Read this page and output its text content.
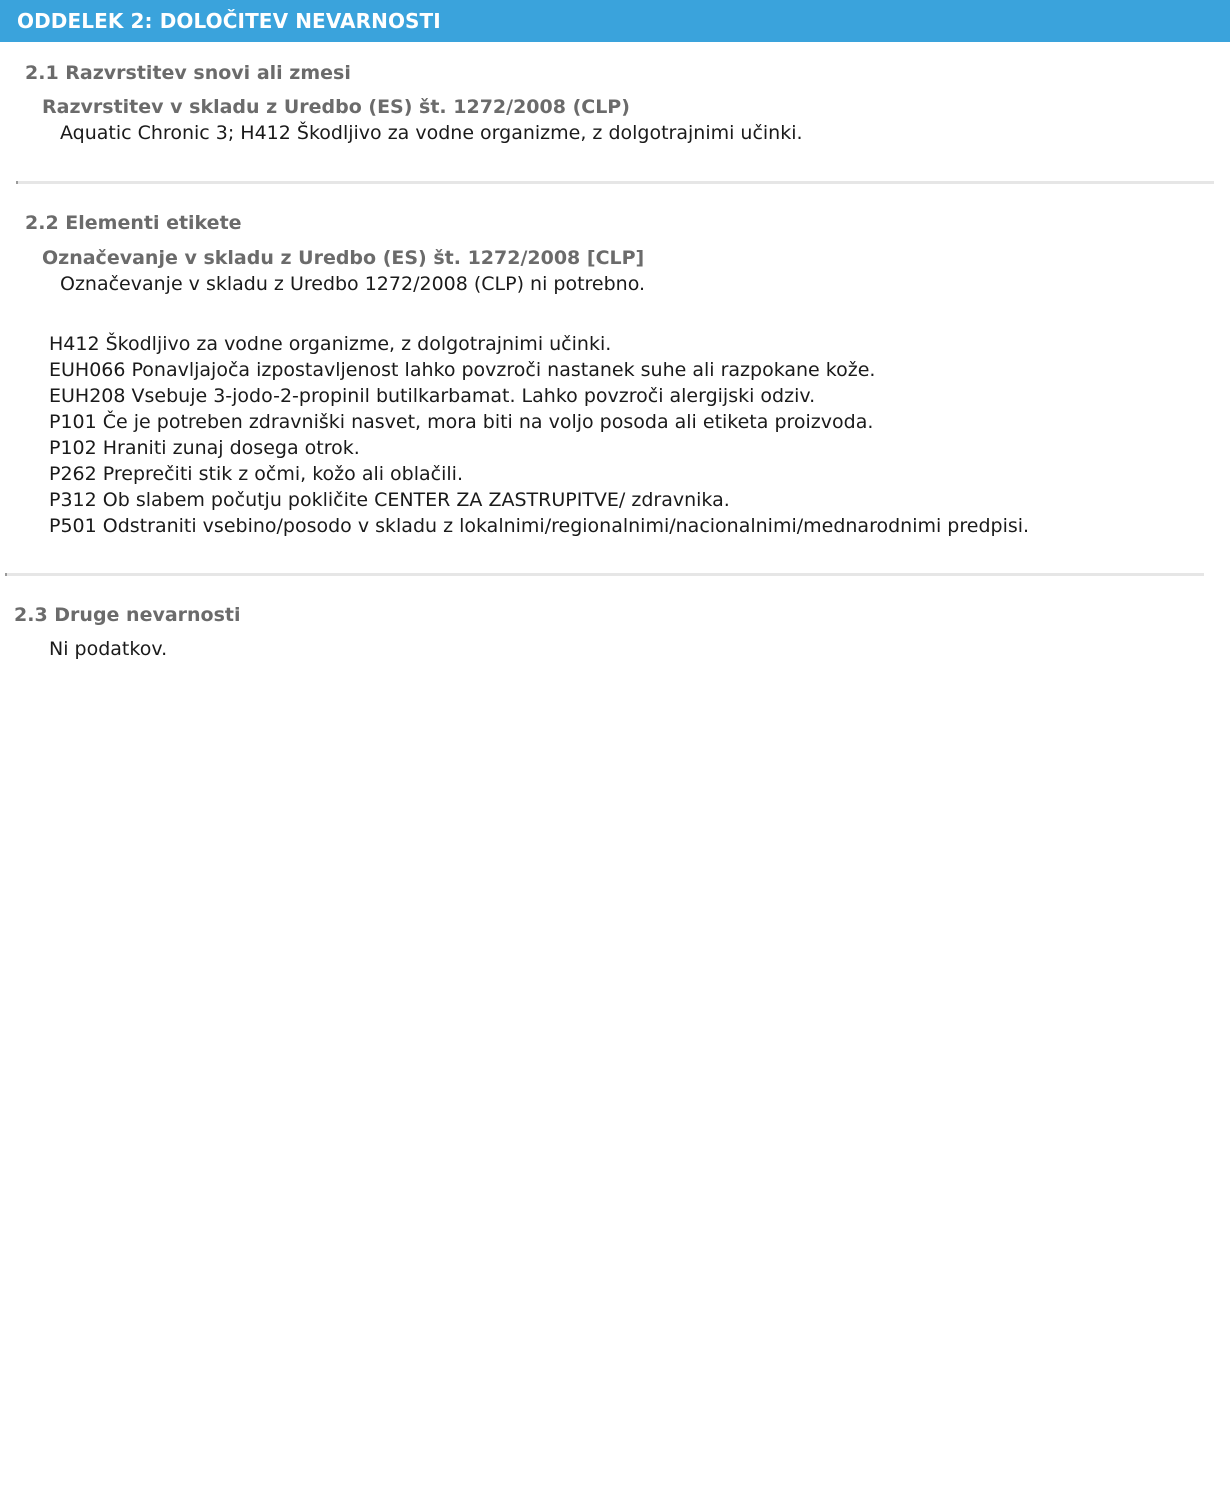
ODDELEK 2: DOLOČITEV NEVARNOSTI
2.1 Razvrstitev snovi ali zmesi
Razvrstitev v skladu z Uredbo (ES) št. 1272/2008 (CLP)
Aquatic Chronic 3; H412 Škodljivo za vodne organizme, z dolgotrajnimi učinki.
2.2 Elementi etikete
Označevanje v skladu z Uredbo (ES) št. 1272/2008 [CLP]
Označevanje v skladu z Uredbo 1272/2008 (CLP) ni potrebno.
H412 Škodljivo za vodne organizme, z dolgotrajnimi učinki.
EUH066 Ponavljajoča izpostavljenost lahko povzroči nastanek suhe ali razpokane kože.
EUH208 Vsebuje 3-jodo-2-propinil butilkarbamat. Lahko povzroči alergijski odziv.
P101 Če je potreben zdravniški nasvet, mora biti na voljo posoda ali etiketa proizvoda.
P102 Hraniti zunaj dosega otrok.
P262 Preprečiti stik z očmi, kožo ali oblačili.
P312 Ob slabem počutju pokličite CENTER ZA ZASTRUPITVE/ zdravnika.
P501 Odstraniti vsebino/posodo v skladu z lokalnimi/regionalnimi/nacionalnimi/mednarodnimi predpisi.
2.3 Druge nevarnosti
Ni podatkov.
